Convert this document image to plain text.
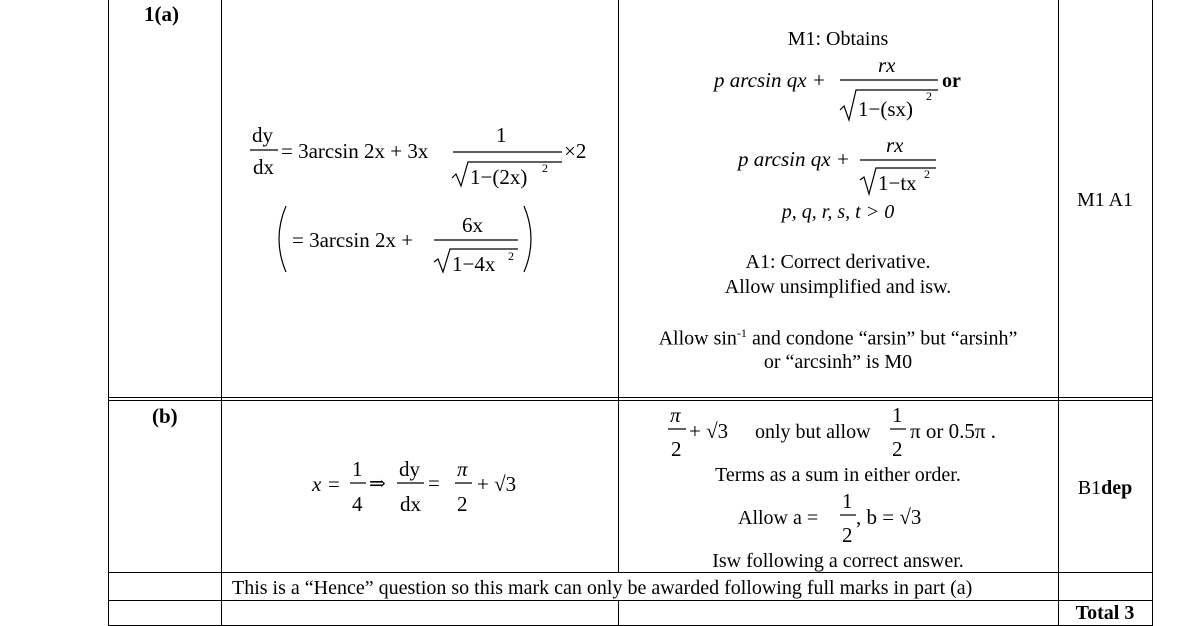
1(a)
dy
dx
= 3arcsin 2x + 3x
1
1−(2x) 2
×2
= 3arcsin 2x +
6x
1−4x 2
M1: Obtains
p arcsin qx +
rx
1−(sx)
2
or
p arcsin qx +
rx
1−tx 2
p, q, r, s, t > 0
A1: Correct derivative.
Allow unsimplified and isw.
Allow $\sin^{-1}$ and condone “arsin” but “arsinh”
or “arcsinh” is M0
M1 A1
(b)
x =
1
4
⇒
dy
dx
=
π
2
+ √3
π
2
+ √3 only but allow
1
2
π or 0.5π .
Terms as a sum in either order.
Allow a =
1
2
, b = √3
Isw following a correct answer.
B1dep
This is a “Hence” question so this mark can only be awarded following full marks in part (a)
Total 3
